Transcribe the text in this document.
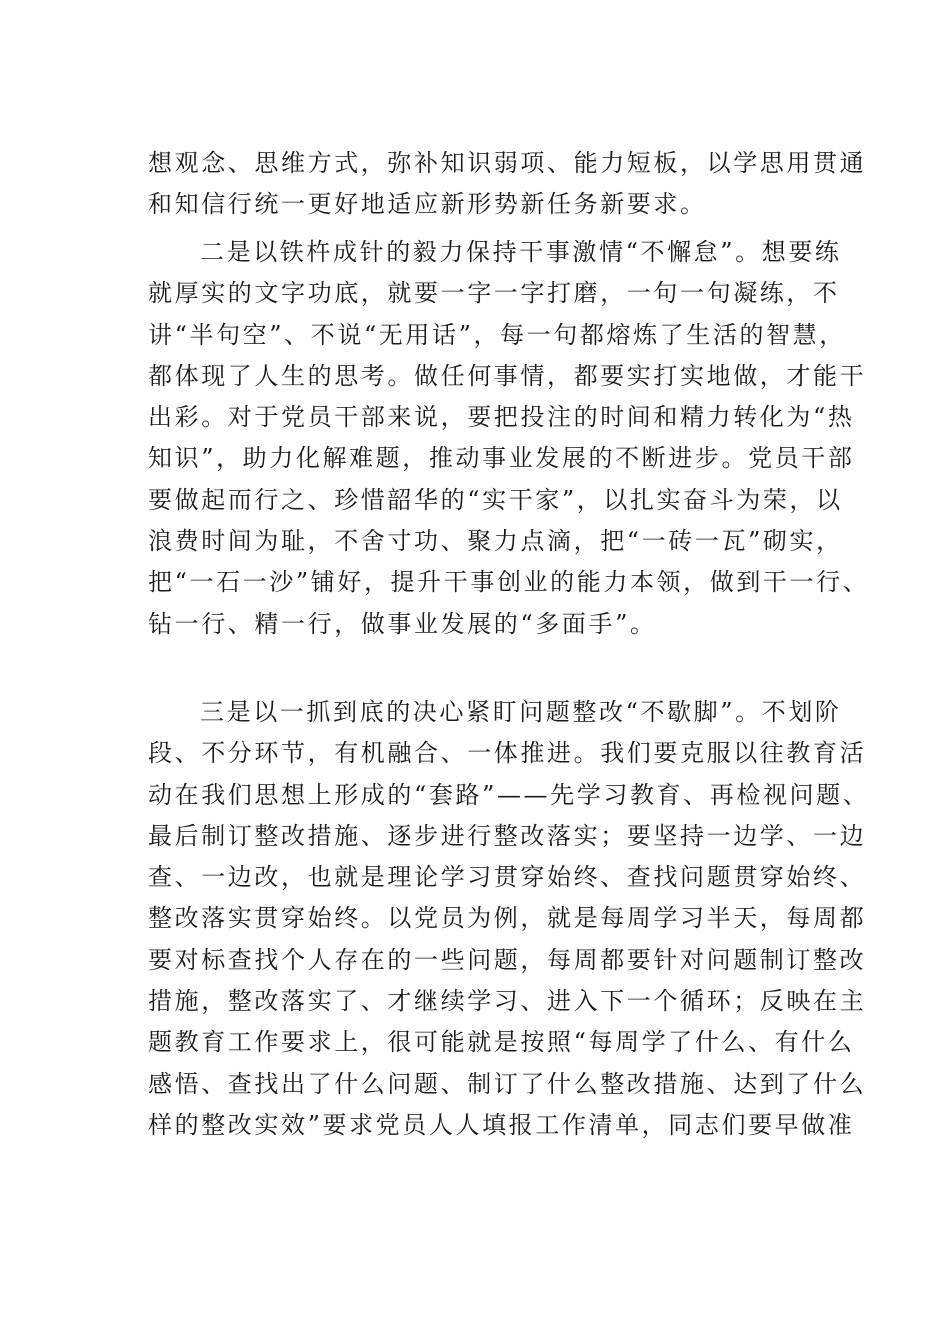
想观念、思维方式，弥补知识弱项、能力短板，以学思用贯通
和知信行统一更好地适应新形势新任务新要求。
二是以铁杵成针的毅力保持干事激情“不懈怠”。想要练
就厚实的文字功底，就要一字一字打磨，一句一句凝练，不
讲“半句空”、不说“无用话”，每一句都熔炼了生活的智慧，
都体现了人生的思考。做任何事情，都要实打实地做，才能干
出彩。对于党员干部来说，要把投注的时间和精力转化为“热
知识”，助力化解难题，推动事业发展的不断进步。党员干部
要做起而行之、珍惜韶华的“实干家”，以扎实奋斗为荣，以
浪费时间为耻，不舍寸功、聚力点滴，把“一砖一瓦”砌实，
把“一石一沙”铺好，提升干事创业的能力本领，做到干一行、
钻一行、精一行，做事业发展的“多面手”。
三是以一抓到底的决心紧盯问题整改“不歇脚”。不划阶
段、不分环节，有机融合、一体推进。我们要克服以往教育活
动在我们思想上形成的“套路”——先学习教育、再检视问题、
最后制订整改措施、逐步进行整改落实；要坚持一边学、一边
查、一边改，也就是理论学习贯穿始终、查找问题贯穿始终、
整改落实贯穿始终。以党员为例，就是每周学习半天，每周都
要对标查找个人存在的一些问题，每周都要针对问题制订整改
措施，整改落实了、才继续学习、进入下一个循环；反映在主
题教育工作要求上，很可能就是按照“每周学了什么、有什么
感悟、查找出了什么问题、制订了什么整改措施、达到了什么
样的整改实效”要求党员人人填报工作清单，同志们要早做准
